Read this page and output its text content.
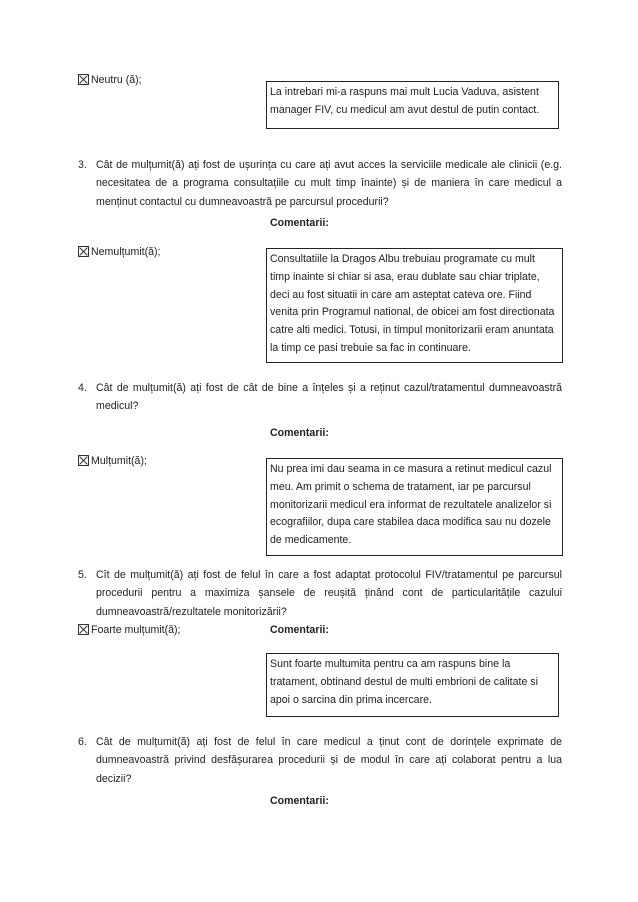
Neutru (ă);
La intrebari mi-a raspuns mai mult Lucia Vaduva, asistent manager FIV, cu medicul am avut destul de putin contact.
3. Cât de mulțumit(ă) ați fost de ușurința cu care ați avut acces la serviciile medicale ale clinicii (e.g. necesitatea de a programa consultațiile cu mult timp înainte) și de maniera în care medicul a menținut contactul cu dumneavoastră pe parcursul procedurii?
Comentarii:
Nemulțumit(ă);
Consultatiile la Dragos Albu trebuiau programate cu mult timp inainte si chiar si asa, erau dublate sau chiar triplate, deci au fost situatii in care am asteptat cateva ore. Fiind venita prin Programul national, de obicei am fost directionata catre alti medici. Totusi, in timpul monitorizarii eram anuntata la timp ce pasi trebuie sa fac in continuare.
4. Cât de mulțumit(ă) ați fost de cât de bine a înțeles și a reținut cazul/tratamentul dumneavoastră medicul?
Comentarii:
Mulțumit(ă);
Nu prea imi dau seama in ce masura a retinut medicul cazul meu. Am primit o schema de tratament, iar pe parcursul monitorizarii medicul era informat de rezultatele analizelor si ecografiilor, dupa care stabilea daca modifica sau nu dozele de medicamente.
5. Cît de mulțumit(ă) ați fost de felul în care a fost adaptat protocolul FIV/tratamentul pe parcursul procedurii pentru a maximiza șansele de reușită ținând cont de particularitățile cazului dumneavoastră/rezultatele monitorizării?
Foarte mulțumit(ă);	Comentarii:
Sunt foarte multumita pentru ca am raspuns bine la tratament, obtinand destul de multi embrioni de calitate si apoi o sarcina din prima incercare.
6. Cât de mulțumit(ă) ați fost de felul în care medicul a ținut cont de dorințele exprimate de dumneavoastră privind desfășurarea procedurii și de modul în care ați colaborat pentru a lua decizii?
Comentarii:
